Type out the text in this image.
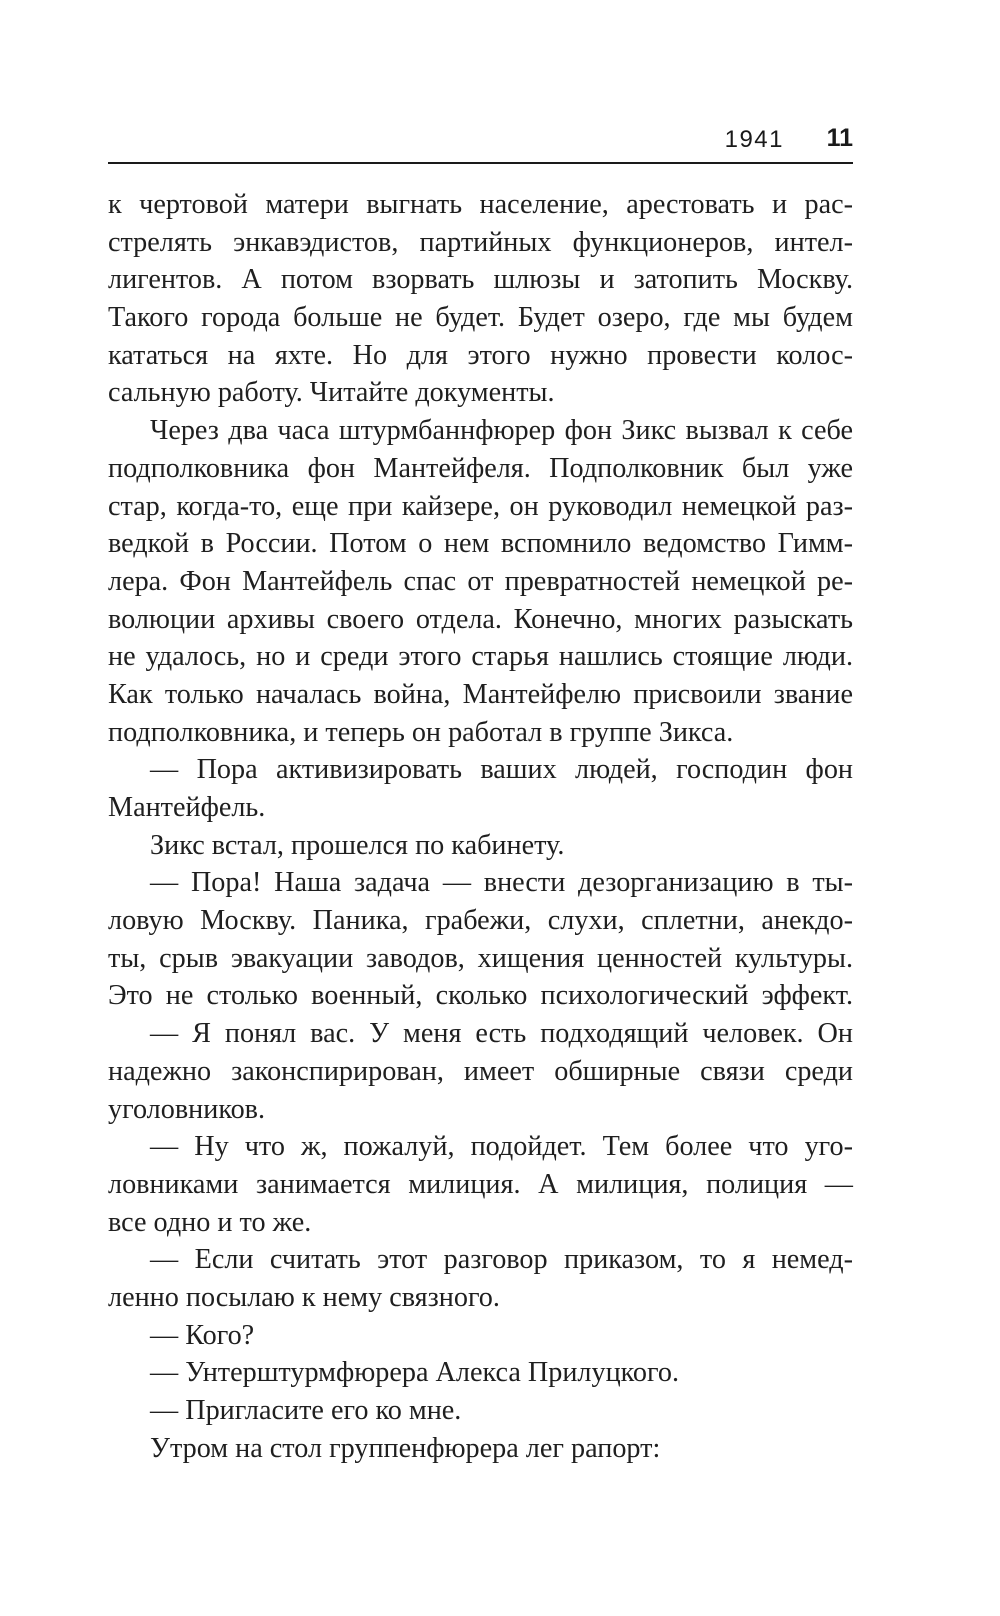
1941 11
к чертовой матери выгнать население, арестовать и рас-
стрелять энкавэдистов, партийных функционеров, интел-
лигентов. А потом взорвать шлюзы и затопить Москву.
Такого города больше не будет. Будет озеро, где мы будем
кататься на яхте. Но для этого нужно провести колос-
сальную работу. Читайте документы.
Через два часа штурмбаннфюрер фон Зикс вызвал к себе
подполковника фон Мантейфеля. Подполковник был уже
стар, когда-то, еще при кайзере, он руководил немецкой раз-
ведкой в России. Потом о нем вспомнило ведомство Гимм-
лера. Фон Мантейфель спас от превратностей немецкой ре-
волюции архивы своего отдела. Конечно, многих разыскать
не удалось, но и среди этого старья нашлись стоящие люди.
Как только началась война, Мантейфелю присвоили звание
подполковника, и теперь он работал в группе Зикса.
— Пора активизировать ваших людей, господин фон
Мантейфель.
Зикс встал, прошелся по кабинету.
— Пора! Наша задача — внести дезорганизацию в ты-
ловую Москву. Паника, грабежи, слухи, сплетни, анекдо-
ты, срыв эвакуации заводов, хищения ценностей культуры.
Это не столько военный, сколько психологический эффект.
— Я понял вас. У меня есть подходящий человек. Он
надежно законспирирован, имеет обширные связи среди
уголовников.
— Ну что ж, пожалуй, подойдет. Тем более что уго-
ловниками занимается милиция. А милиция, полиция —
все одно и то же.
— Если считать этот разговор приказом, то я немед-
ленно посылаю к нему связного.
— Кого?
— Унтерштурмфюрера Алекса Прилуцкого.
— Пригласите его ко мне.
Утром на стол группенфюрера лег рапорт:
